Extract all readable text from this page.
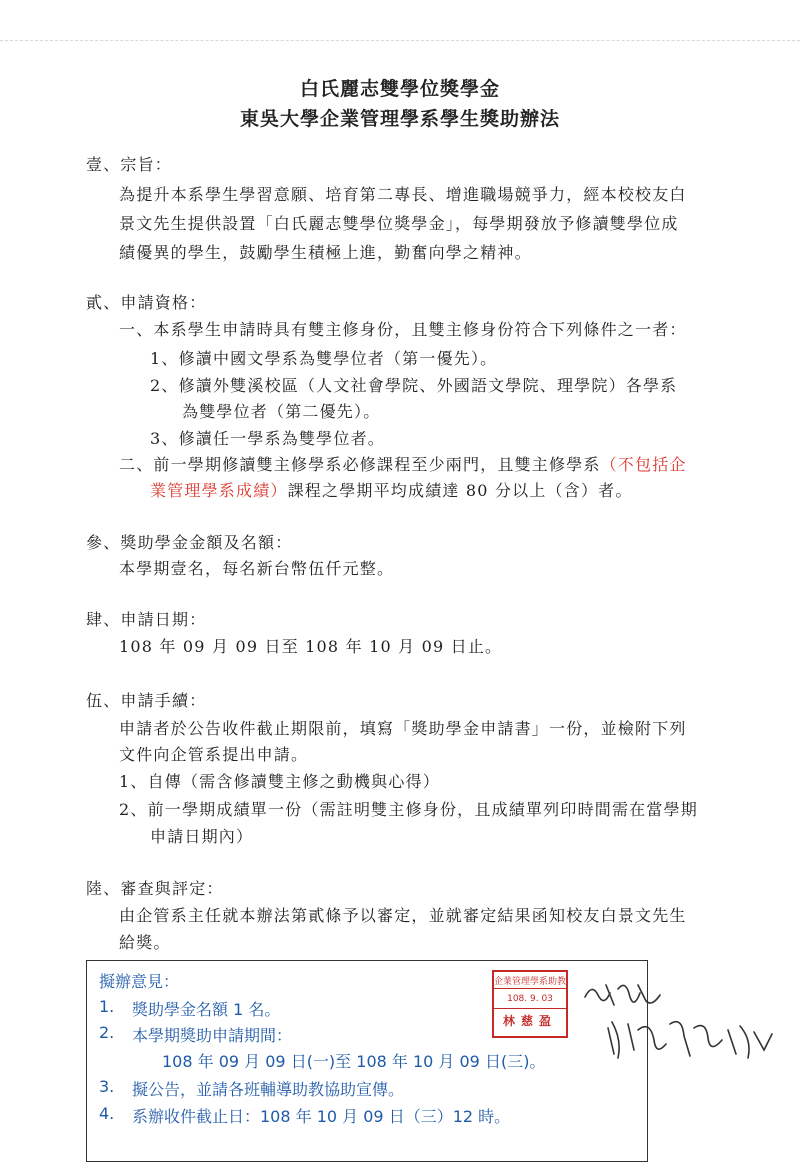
白氏麗志雙學位獎學金
東吳大學企業管理學系學生獎助辦法
壹、宗旨：
為提升本系學生學習意願、培育第二專長、增進職場競爭力，經本校校友白
景文先生提供設置「白氏麗志雙學位獎學金」，每學期發放予修讀雙學位成
績優異的學生，鼓勵學生積極上進，勤奮向學之精神。
貳、申請資格：
一、本系學生申請時具有雙主修身份，且雙主修身份符合下列條件之一者：
1、修讀中國文學系為雙學位者（第一優先）。
2、修讀外雙溪校區（人文社會學院、外國語文學院、理學院）各學系
為雙學位者（第二優先）。
3、修讀任一學系為雙學位者。
二、前一學期修讀雙主修學系必修課程至少兩門，且雙主修學系（不包括企
業管理學系成績）課程之學期平均成績達 80 分以上（含）者。
參、獎助學金金額及名額：
本學期壹名，每名新台幣伍仟元整。
肆、申請日期：
108 年 09 月 09 日至 108 年 10 月 09 日止。
伍、申請手續：
申請者於公告收件截止期限前，填寫「獎助學金申請書」一份，並檢附下列
文件向企管系提出申請。
1、自傳（需含修讀雙主修之動機與心得）
2、前一學期成績單一份（需註明雙主修身份，且成績單列印時間需在當學期
申請日期內）
陸、審查與評定：
由企管系主任就本辦法第貳條予以審定，並就審定結果函知校友白景文先生
給獎。
擬辦意見：
1. 獎助學金名額 1 名。
2. 本學期獎助申請期間：
108 年 09 月 09 日(一)至 108 年 10 月 09 日(三)。
3. 擬公告，並請各班輔導助教協助宣傳。
4. 系辦收件截止日：108 年 10 月 09 日（三）12 時。
企業管理學系助教
108. 9. 03
林慈盈
